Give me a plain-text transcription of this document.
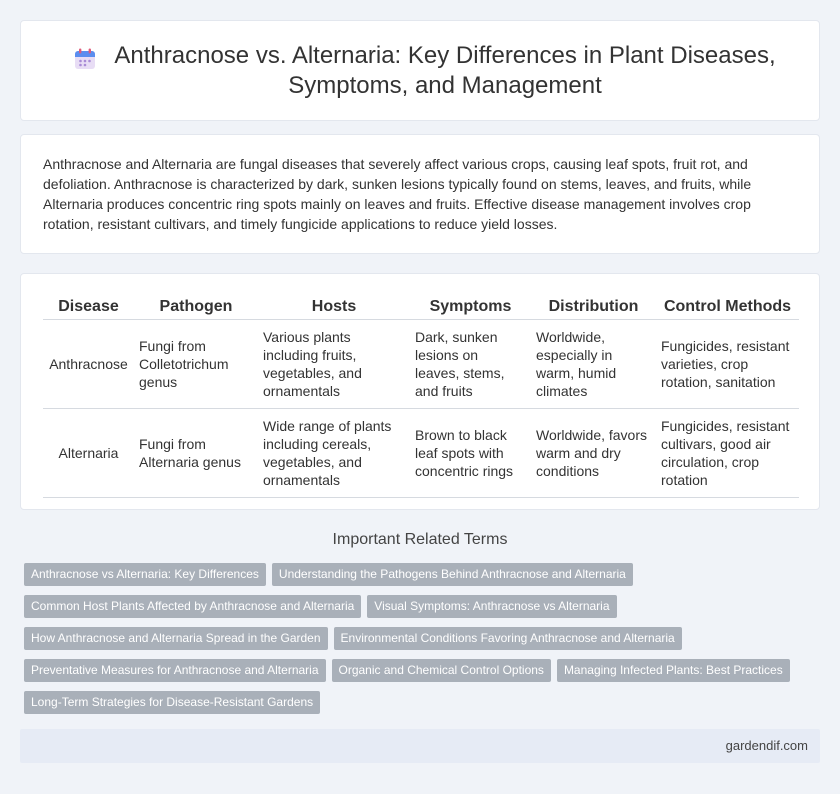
Anthracnose vs. Alternaria: Key Differences in Plant Diseases, Symptoms, and Management

Anthracnose and Alternaria are fungal diseases that severely affect various crops, causing leaf spots, fruit rot, and defoliation. Anthracnose is characterized by dark, sunken lesions typically found on stems, leaves, and fruits, while Alternaria produces concentric ring spots mainly on leaves and fruits. Effective disease management involves crop rotation, resistant cultivars, and timely fungicide applications to reduce yield losses.

Disease	Pathogen	Hosts	Symptoms	Distribution	Control Methods
Anthracnose	Fungi from Colletotrichum genus	Various plants including fruits, vegetables, and ornamentals	Dark, sunken lesions on leaves, stems, and fruits	Worldwide, especially in warm, humid climates	Fungicides, resistant varieties, crop rotation, sanitation
Alternaria	Fungi from Alternaria genus	Wide range of plants including cereals, vegetables, and ornamentals	Brown to black leaf spots with concentric rings	Worldwide, favors warm and dry conditions	Fungicides, resistant cultivars, good air circulation, crop rotation
Important Related Terms
Anthracnose vs Alternaria: Key Differences	Understanding the Pathogens Behind Anthracnose and Alternaria
Common Host Plants Affected by Anthracnose and Alternaria	Visual Symptoms: Anthracnose vs Alternaria
How Anthracnose and Alternaria Spread in the Garden	Environmental Conditions Favoring Anthracnose and Alternaria
Preventative Measures for Anthracnose and Alternaria	Organic and Chemical Control Options	Managing Infected Plants: Best Practices
Long-Term Strategies for Disease-Resistant Gardens
gardendif.com
